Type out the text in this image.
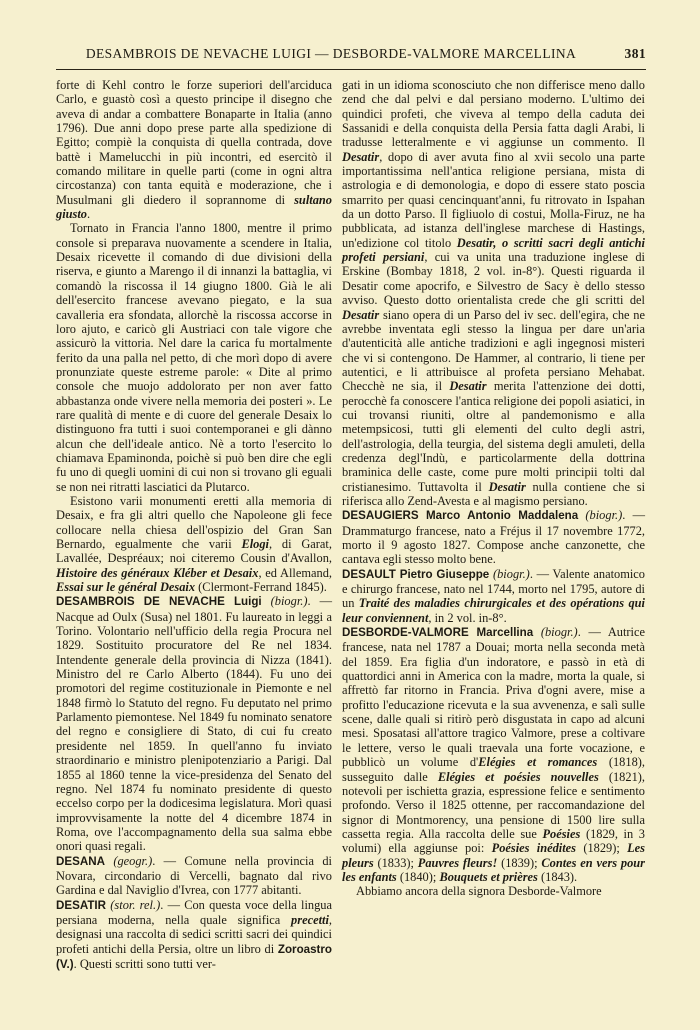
DESAMBROIS DE NEVACHE LUIGI — DESBORDE-VALMORE MARCELLINA	381

forte di Kehl contro le forze superiori dell'arciduca Carlo, e guastò così a questo principe il disegno che aveva di andar a combattere Bonaparte in Italia (anno 1796). Due anni dopo prese parte alla spedizione di Egitto; compiè la conquista di quella contrada, dove battè i Mamelucchi in più incontri, ed esercitò il comando militare in quelle parti (come in ogni altra circostanza) con tanta equità e moderazione, che i Musulmani gli diedero il soprannome di sultano giusto.

Tornato in Francia l'anno 1800, mentre il primo console si preparava nuovamente a scendere in Italia, Desaix ricevette il comando di due divisioni della riserva, e giunto a Marengo il di innanzi la battaglia, vi comandò la riscossa il 14 giugno 1800. Già le ali dell'esercito francese avevano piegato, e la sua cavalleria era sfondata, allorchè la riscossa accorse in loro ajuto, e caricò gli Austriaci con tale vigore che assicurò la vittoria. Nel dare la carica fu mortalmente ferito da una palla nel petto, di che morì dopo di avere pronunziate queste estreme parole: « Dite al primo console che muojo addolorato per non aver fatto abbastanza onde vivere nella memoria dei posteri ». Le rare qualità di mente e di cuore del generale Desaix lo distinguono fra tutti i suoi contemporanei e gli dànno alcun che dell'ideale antico. Nè a torto l'esercito lo chiamava Epaminonda, poichè si può ben dire che egli fu uno di quegli uomini di cui non si trovano gli eguali se non nei ritratti lasciatici da Plutarco.

Esistono varii monumenti eretti alla memoria di Desaix, e fra gli altri quello che Napoleone gli fece collocare nella chiesa dell'ospizio del Gran San Bernardo, egualmente che varii Elogi, di Garat, Lavallée, Despréaux; noi citeremo Cousin d'Avallon, Histoire des généraux Kléber et Desaix, ed Allemand, Essai sur le général Desaix (Clermont-Ferrand 1845).

DESAMBROIS DE NEVACHE Luigi (biogr.). — Nacque ad Oulx (Susa) nel 1801. Fu laureato in leggi a Torino. Volontario nell'ufficio della regia Procura nel 1829. Sostituito procuratore del Re nel 1834. Intendente generale della provincia di Nizza (1841). Ministro del re Carlo Alberto (1844). Fu uno dei promotori del regime costituzionale in Piemonte e nel 1848 firmò lo Statuto del regno. Fu deputato nel primo Parlamento piemontese. Nel 1849 fu nominato senatore del regno e consigliere di Stato, di cui fu creato presidente nel 1859. In quell'anno fu inviato straordinario e ministro plenipotenziario a Parigi. Dal 1855 al 1860 tenne la vice-presidenza del Senato del regno. Nel 1874 fu nominato presidente di questo eccelso corpo per la dodicesima legislatura. Morì quasi improvvisamente la notte del 4 dicembre 1874 in Roma, ove l'accompagnamento della sua salma ebbe onori quasi regali.

DESANA (geogr.). — Comune nella provincia di Novara, circondario di Vercelli, bagnato dal rivo Gardina e dal Naviglio d'Ivrea, con 1777 abitanti.

DESATIR (stor. rel.). — Con questa voce della lingua persiana moderna, nella quale significa precetti, designasi una raccolta di sedici scritti sacri dei quindici profeti antichi della Persia, oltre un libro di Zoroastro (V.). Questi scritti sono tutti ver-

gati in un idioma sconosciuto che non differisce meno dallo zend che dal pelvi e dal persiano moderno. L'ultimo dei quindici profeti, che viveva al tempo della caduta dei Sassanidi e della conquista della Persia fatta dagli Arabi, li tradusse letteralmente e vi aggiunse un commento. Il Desatir, dopo di aver avuta fino al xvii secolo una parte importantissima nell'antica religione persiana, mista di astrologia e di demonologia, e dopo di essere stato poscia smarrito per quasi cencinquant'anni, fu ritrovato in Ispahan da un dotto Parso. Il figliuolo di costui, Molla-Firuz, ne ha pubblicata, ad istanza dell'inglese marchese di Hastings, un'edizione col titolo Desatir, o scritti sacri degli antichi profeti persiani, cui va unita una traduzione inglese di Erskine (Bombay 1818, 2 vol. in-8°). Questi riguarda il Desatir come apocrifo, e Silvestro de Sacy è dello stesso avviso. Questo dotto orientalista crede che gli scritti del Desatir siano opera di un Parso del iv sec. dell'egira, che ne avrebbe inventata egli stesso la lingua per dare un'aria d'autenticità alle antiche tradizioni e agli ingegnosi misteri che vi si contengono. De Hammer, al contrario, li tiene per autentici, e li attribuisce al profeta persiano Mehabat. Checchè ne sia, il Desatir merita l'attenzione dei dotti, perocchè fa conoscere l'antica religione dei popoli asiatici, in cui trovansi riuniti, oltre al pandemonismo e alla metempsicosi, tutti gli elementi del culto degli astri, dell'astrologia, della teurgia, del sistema degli amuleti, della credenza degl'Indù, e particolarmente della dottrina braminica delle caste, come pure molti principii tolti dal cristianesimo. Tuttavolta il Desatir nulla contiene che si riferisca allo Zend-Avesta e al magismo persiano.

DESAUGIERS Marco Antonio Maddalena (biogr.). — Drammaturgo francese, nato a Fréjus il 17 novembre 1772, morto il 9 agosto 1827. Compose anche canzonette, che cantava egli stesso molto bene.

DESAULT Pietro Giuseppe (biogr.). — Valente anatomico e chirurgo francese, nato nel 1744, morto nel 1795, autore di un Traité des maladies chirurgicales et des opérations qui leur conviennent, in 2 vol. in-8°.

DESBORDE-VALMORE Marcellina (biogr.). — Autrice francese, nata nel 1787 a Douai; morta nella seconda metà del 1859. Era figlia d'un indoratore, e passò in età di quattordici anni in America con la madre, morta la quale, si affrettò far ritorno in Francia. Priva d'ogni avere, mise a profitto l'educazione ricevuta e la sua avvenenza, e salì sulle scene, dalle quali si ritirò però disgustata in capo ad alcuni mesi. Sposatasi all'attore tragico Valmore, prese a coltivare le lettere, verso le quali traevala una forte vocazione, e pubblicò un volume d'Elégies et romances (1818), susseguito dalle Elégies et poésies nouvelles (1821), notevoli per ischietta grazia, espressione felice e sentimento profondo. Verso il 1825 ottenne, per raccomandazione del signor di Montmorency, una pensione di 1500 lire sulla cassetta regia. Alla raccolta delle sue Poésies (1829, in 3 volumi) ella aggiunse poi: Poésies inédites (1829); Les pleurs (1833); Pauvres fleurs! (1839); Contes en vers pour les enfants (1840); Bouquets et prières (1843).

Abbiamo ancora della signora Desborde-Valmore
